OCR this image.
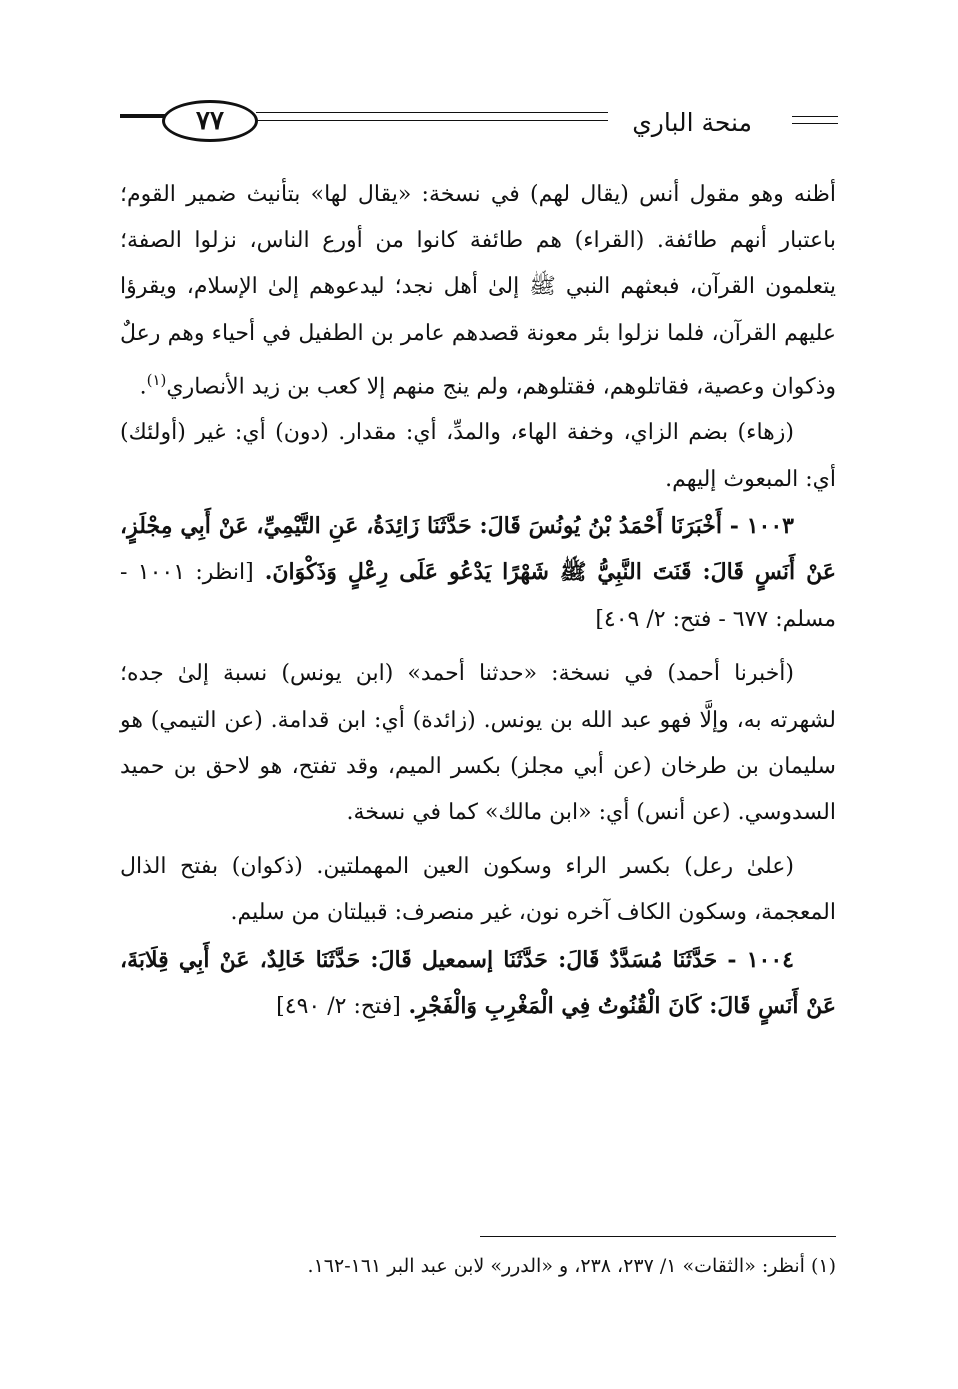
منحة الباري
٧٧

أظنه وهو مقول أنس (يقال لهم) في نسخة: «يقال لها» بتأنيث ضمير القوم؛ باعتبار أنهم طائفة. (القراء) هم طائفة كانوا من أورع الناس، نزلوا الصفة؛ يتعلمون القرآن، فبعثهم النبي ﷺ إلىٰ أهل نجد؛ ليدعوهم إلىٰ الإسلام، ويقرؤا عليهم القرآن، فلما نزلوا بئر معونة قصدهم عامر بن الطفيل في أحياء وهم رعلٌ وذكوان وعصية، فقاتلوهم، فقتلوهم، ولم ينج منهم إلا كعب بن زيد الأنصاري$^{(١)}$.

(زهاء) بضم الزاي، وخفة الهاء، والمدِّ، أي: مقدار. (دون) أي: غير (أولئك) أي: المبعوث إليهم.

١٠٠٣ - أَخْبَرَنَا أَحْمَدُ بْنُ يُونُسَ قَالَ: حَدَّثَنَا زَائِدَةُ، عَنِ التَّيْمِيِّ، عَنْ أَبِي مِجْلَزٍ، عَنْ أَنَسٍ قَالَ: قَنَتَ النَّبِيُّ ﷺ شَهْرًا يَدْعُو عَلَى رِعْلٍ وَذَكْوَانَ. [انظر: ١٠٠١ - مسلم: ٦٧٧ - فتح: ٢/ ٤٠٩]

(أخبرنا أحمد) في نسخة: «حدثنا أحمد» (ابن يونس) نسبة إلىٰ جده؛ لشهرته به، وإلَّا فهو عبد الله بن يونس. (زائدة) أي: ابن قدامة. (عن التيمي) هو سليمان بن طرخان (عن أبي مجلز) بكسر الميم، وقد تفتح، هو لاحق بن حميد السدوسي. (عن أنس) أي: «ابن مالك» كما في نسخة.

(علىٰ رعل) بكسر الراء وسكون العين المهملتين. (ذكوان) بفتح الذال المعجمة، وسكون الكاف آخره نون، غير منصرف: قبيلتان من سليم.

١٠٠٤ - حَدَّثَنَا مُسَدَّدٌ قَالَ: حَدَّثَنَا إسمعيل قَالَ: حَدَّثَنَا خَالِدٌ، عَنْ أَبِي قِلَابَةَ، عَنْ أَنَسٍ قَالَ: كَانَ الْقُنُوتُ فِي الْمَغْرِبِ وَالْفَجْرِ. [فتح: ٢/ ٤٩٠]

(١) أنظر: «الثقات» ١/ ٢٣٧، ٢٣٨، و «الدرر» لابن عبد البر ١٦١-١٦٢.
